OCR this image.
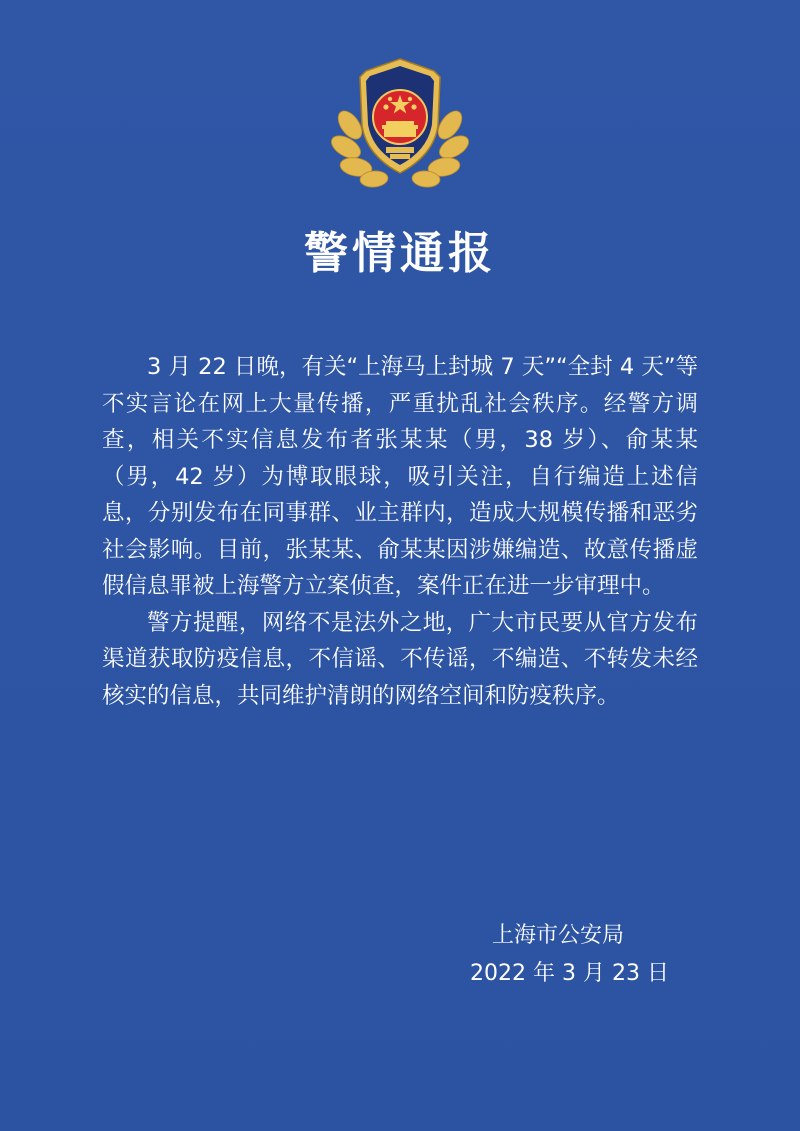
警情通报

3 月 22 日晚，有关“上海马上封城 7 天”“全封 4 天”等不实言论在网上大量传播，严重扰乱社会秩序。经警方调查，相关不实信息发布者张某某（男，38 岁）、俞某某（男，42 岁）为博取眼球，吸引关注，自行编造上述信息，分别发布在同事群、业主群内，造成大规模传播和恶劣社会影响。目前，张某某、俞某某因涉嫌编造、故意传播虚假信息罪被上海警方立案侦查，案件正在进一步审理中。

警方提醒，网络不是法外之地，广大市民要从官方发布渠道获取防疫信息，不信谣、不传谣，不编造、不转发未经核实的信息，共同维护清朗的网络空间和防疫秩序。

上海市公安局
2022 年 3 月 23 日
